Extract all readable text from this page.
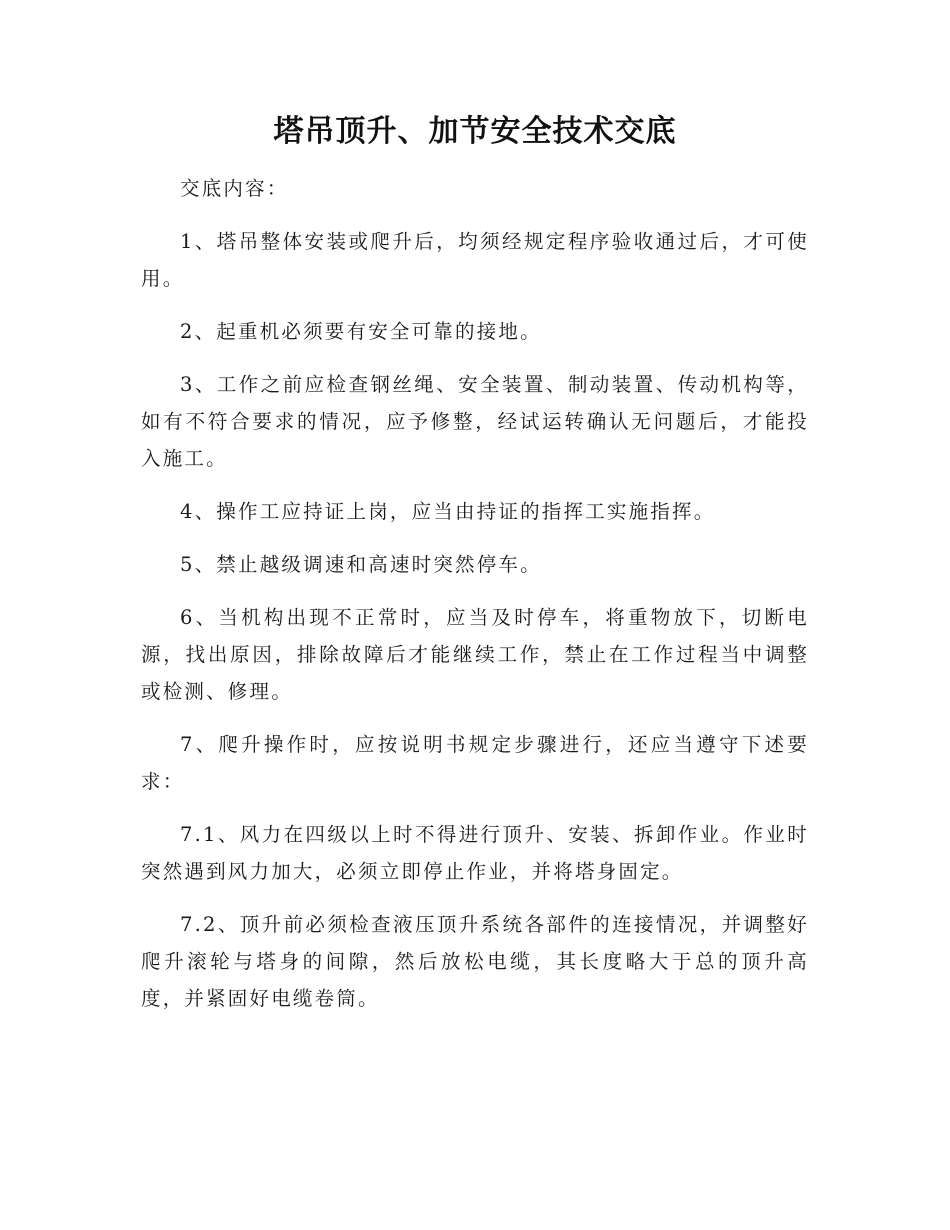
塔吊顶升、加节安全技术交底

交底内容：

1、塔吊整体安装或爬升后，均须经规定程序验收通过后，才可使用。

2、起重机必须要有安全可靠的接地。

3、工作之前应检查钢丝绳、安全装置、制动装置、传动机构等，如有不符合要求的情况，应予修整，经试运转确认无问题后，才能投入施工。

4、操作工应持证上岗，应当由持证的指挥工实施指挥。

5、禁止越级调速和高速时突然停车。

6、当机构出现不正常时，应当及时停车，将重物放下，切断电源，找出原因，排除故障后才能继续工作，禁止在工作过程当中调整或检测、修理。

7、爬升操作时，应按说明书规定步骤进行，还应当遵守下述要求：

7.1、风力在四级以上时不得进行顶升、安装、拆卸作业。作业时突然遇到风力加大，必须立即停止作业，并将塔身固定。

7.2、顶升前必须检查液压顶升系统各部件的连接情况，并调整好爬升滚轮与塔身的间隙，然后放松电缆，其长度略大于总的顶升高度，并紧固好电缆卷筒。
